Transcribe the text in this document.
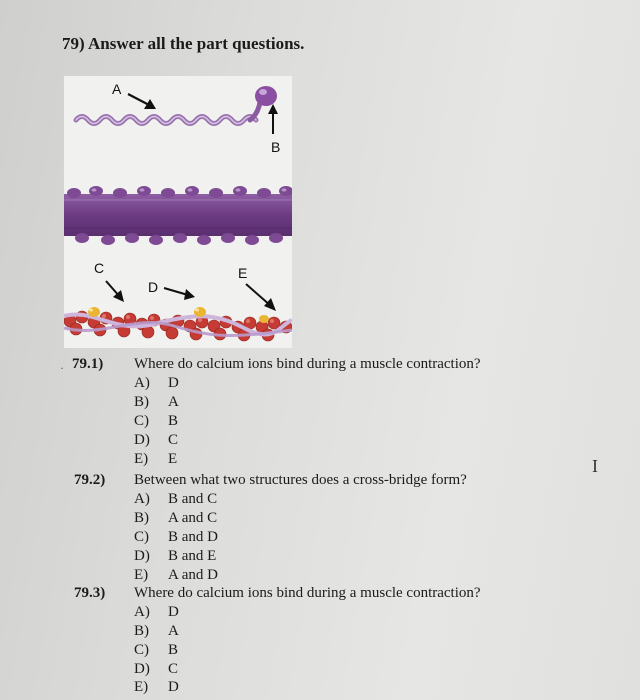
79) Answer all the part questions.
A
B
C
D
E
· 79.1) Where do calcium ions bind during a muscle contraction?
A) D
B) A
C) B
D) C
E) E
79.2) Between what two structures does a cross-bridge form?
A) B and C
B) A and C
C) B and D
D) B and E
E) A and D
79.3) Where do calcium ions bind during a muscle contraction?
A) D
B) A
C) B
D) C
E) D
I
